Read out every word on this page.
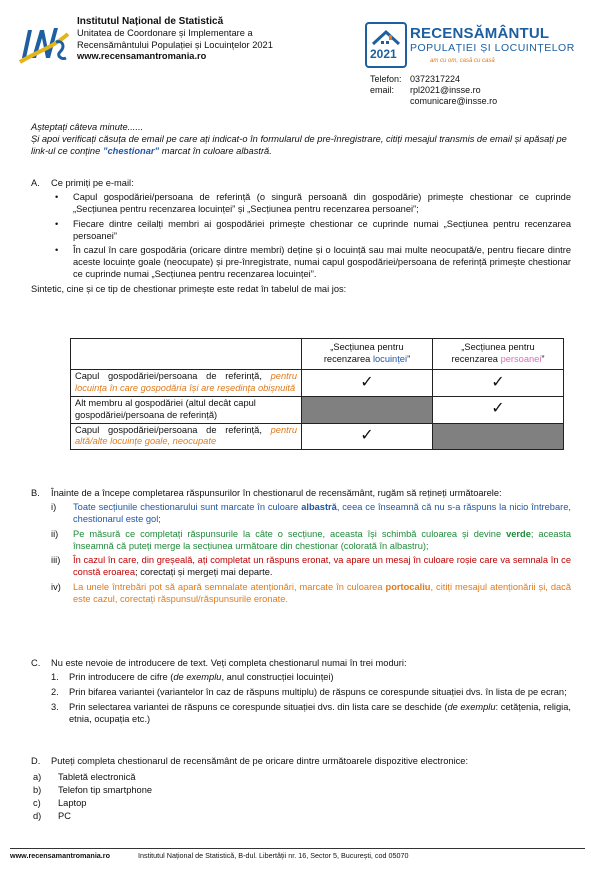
Institutul Național de Statistică
Unitatea de Coordonare și Implementare a
Recensământului Populației și Locuințelor 2021
www.recensamantromania.ro	2021
RECENSĂMÂNTUL
POPULAȚIEI ȘI LOCUINȚELOR
am cu om, casă cu casă
Telefon: 0372317224
email: rpl2021@insse.ro
comunicare@insse.ro
Așteptați câteva minute......
Și apoi verificați căsuța de email pe care ați indicat-o în formularul de pre-înregistrare, citiți mesajul transmis de email și apăsați pe link-ul ce conține ”chestionar” marcat în culoare albastră.
A.	Ce primiți pe e-mail:
• Capul gospodăriei/persoana de referință (o singură persoană din gospodărie) primește chestionar ce cuprinde „Secțiunea pentru recenzarea locuinței” și „Secțiunea pentru recenzarea persoanei”;
• Fiecare dintre ceilalți membri ai gospodăriei primește chestionar ce cuprinde numai „Secțiunea pentru recenzarea persoanei”
• În cazul în care gospodăria (oricare dintre membri) deține și o locuință sau mai multe neocupată/e, pentru fiecare dintre aceste locuințe goale (neocupate) și pre-înregistrate, numai capul gospodăriei/persoana de referință primește chestionar ce cuprinde numai „Secțiunea pentru recenzarea locuinței”.
Sintetic, cine și ce tip de chestionar primește este redat în tabelul de mai jos:
	„Secțiunea pentru recenzarea locuinței”	„Secțiunea pentru recenzarea persoanei”
Capul gospodăriei/persoana de referință, pentru locuința în care gospodăria își are reședința obișnuită	✓	✓
Alt membru al gospodăriei (altul decât capul gospodăriei/persoana de referință)		✓
Capul gospodăriei/persoana de referință, pentru altă/alte locuințe goale, neocupate	✓	
B.	Înainte de a începe completarea răspunsurilor în chestionarul de recensământ, rugăm să rețineți următoarele:
i)	Toate secțiunile chestionarului sunt marcate în culoare albastră, ceea ce înseamnă că nu s-a răspuns la nicio întrebare, chestionarul este gol;
ii)	Pe măsură ce completați răspunsurile la câte o secțiune, aceasta își schimbă culoarea și devine verde; aceasta înseamnă că puteți merge la secțiunea următoare din chestionar (colorată în albastru);
iii)	În cazul în care, din greșeală, ați completat un răspuns eronat, va apare un mesaj în culoare roșie care va semnala în ce constă eroarea; corectați și mergeți mai departe.
iv)	La unele întrebări pot să apară semnalate atenționări, marcate în culoarea portocaliu, citiți mesajul atenționării și, dacă este cazul, corectați răspunsul/răspunsurile eronate.
C.	Nu este nevoie de introducere de text. Veți completa chestionarul numai în trei moduri:
1.	Prin introducere de cifre (de exemplu, anul construcției locuinței)
2.	Prin bifarea variantei (variantelor în caz de răspuns multiplu) de răspuns ce corespunde situației dvs. în lista de pe ecran;
3.	Prin selectarea variantei de răspuns ce corespunde situației dvs. din lista care se deschide (de exemplu: cetățenia, religia, etnia, ocupația etc.)
D.	Puteți completa chestionarul de recensământ de pe oricare dintre următoarele dispozitive electronice:
a)	Tabletă electronică
b)	Telefon tip smartphone
c)	Laptop
d)	PC
www.recensamantromania.ro	Institutul Național de Statistică, B-dul. Libertății nr. 16, Sector 5, București, cod 05070
